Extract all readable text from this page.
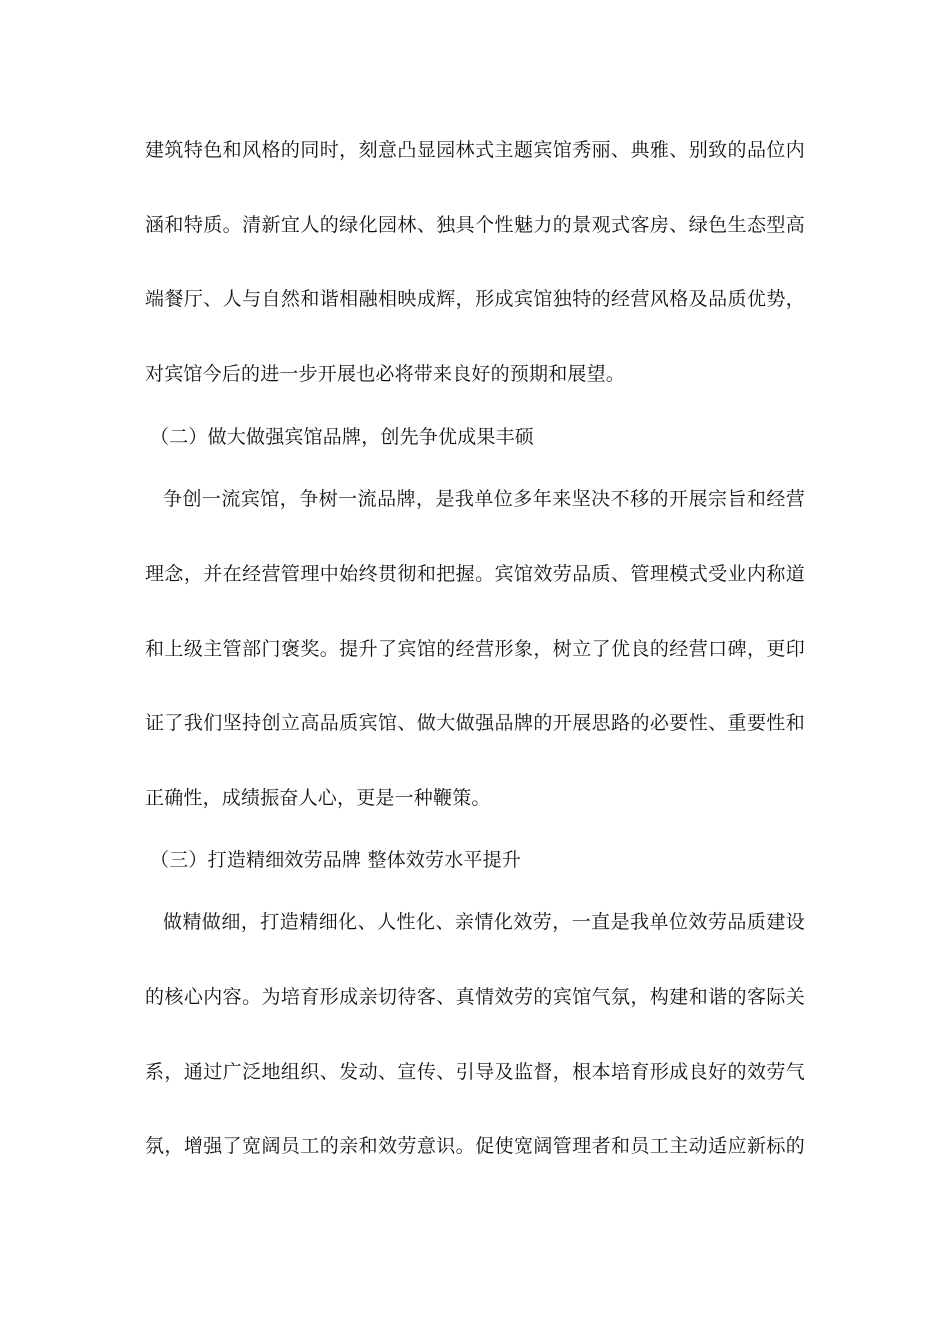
建筑特色和风格的同时，刻意凸显园林式主题宾馆秀丽、典雅、别致的品位内
涵和特质。清新宜人的绿化园林、独具个性魅力的景观式客房、绿色生态型高
端餐厅、人与自然和谐相融相映成辉，形成宾馆独特的经营风格及品质优势，
对宾馆今后的进一步开展也必将带来良好的预期和展望。
（二）做大做强宾馆品牌，创先争优成果丰硕
争创一流宾馆，争树一流品牌，是我单位多年来坚决不移的开展宗旨和经营
理念，并在经营管理中始终贯彻和把握。宾馆效劳品质、管理模式受业内称道
和上级主管部门褒奖。提升了宾馆的经营形象，树立了优良的经营口碑，更印
证了我们坚持创立高品质宾馆、做大做强品牌的开展思路的必要性、重要性和
正确性，成绩振奋人心，更是一种鞭策。
（三）打造精细效劳品牌 整体效劳水平提升
做精做细，打造精细化、人性化、亲情化效劳，一直是我单位效劳品质建设
的核心内容。为培育形成亲切待客、真情效劳的宾馆气氛，构建和谐的客际关
系，通过广泛地组织、发动、宣传、引导及监督，根本培育形成良好的效劳气
氛，增强了宽阔员工的亲和效劳意识。促使宽阔管理者和员工主动适应新标的
